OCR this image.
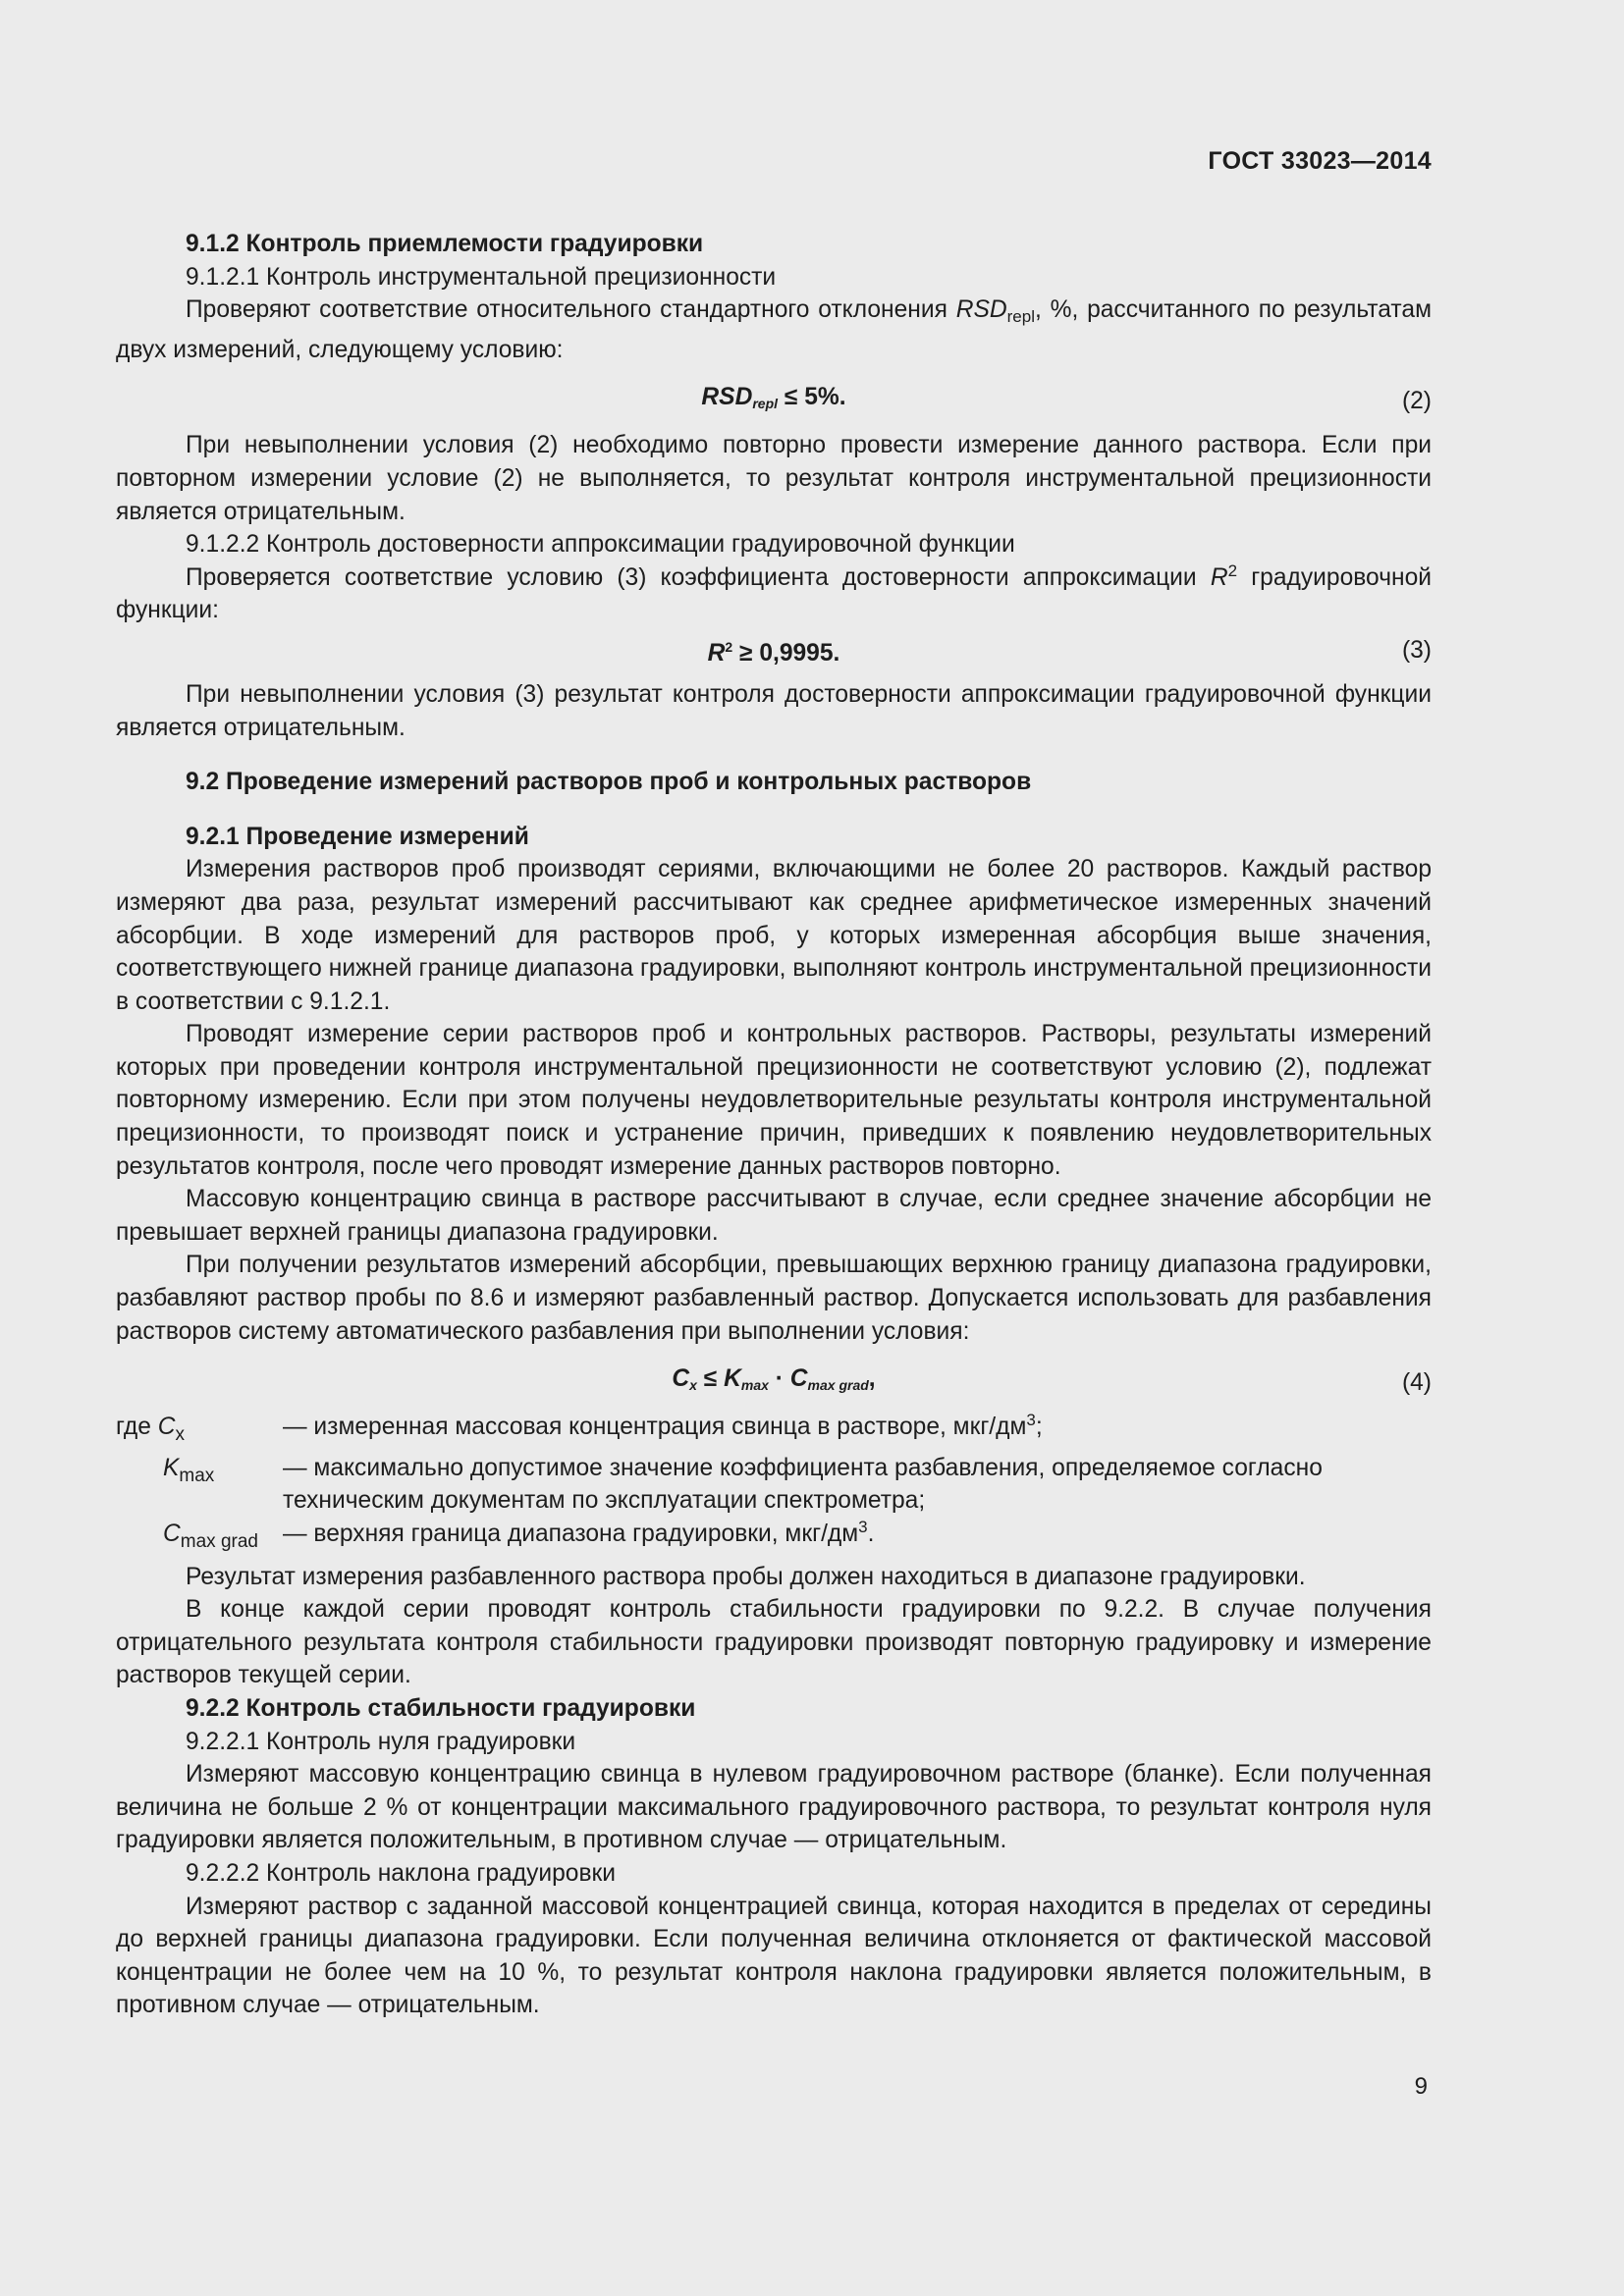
ГОСТ 33023—2014

9.1.2 Контроль приемлемости градуировки

9.1.2.1 Контроль инструментальной прецизионности

Проверяют соответствие относительного стандартного отклонения $RSD_{repl}$, %, рассчитанного по результатам двух измерений, следующему условию:

$RSD_{repl} \le 5\%$.	(2)

При невыполнении условия (2) необходимо повторно провести измерение данного раствора. Если при повторном измерении условие (2) не выполняется, то результат контроля инструментальной прецизионности является отрицательным.

9.1.2.2 Контроль достоверности аппроксимации градуировочной функции

Проверяется соответствие условию (3) коэффициента достоверности аппроксимации $R^2$ градуировочной функции:

$R^2 \ge 0,9995$.	(3)

При невыполнении условия (3) результат контроля достоверности аппроксимации градуировочной функции является отрицательным.

9.2 Проведение измерений растворов проб и контрольных растворов

9.2.1 Проведение измерений

Измерения растворов проб производят сериями, включающими не более 20 растворов. Каждый раствор измеряют два раза, результат измерений рассчитывают как среднее арифметическое измеренных значений абсорбции. В ходе измерений для растворов проб, у которых измеренная абсорбция выше значения, соответствующего нижней границе диапазона градуировки, выполняют контроль инструментальной прецизионности в соответствии с 9.1.2.1.

Проводят измерение серии растворов проб и контрольных растворов. Растворы, результаты измерений которых при проведении контроля инструментальной прецизионности не соответствуют условию (2), подлежат повторному измерению. Если при этом получены неудовлетворительные результаты контроля инструментальной прецизионности, то производят поиск и устранение причин, приведших к появлению неудовлетворительных результатов контроля, после чего проводят измерение данных растворов повторно.

Массовую концентрацию свинца в растворе рассчитывают в случае, если среднее значение абсорбции не превышает верхней границы диапазона градуировки.

При получении результатов измерений абсорбции, превышающих верхнюю границу диапазона градуировки, разбавляют раствор пробы по 8.6 и измеряют разбавленный раствор. Допускается использовать для разбавления растворов систему автоматического разбавления при выполнении условия:

$C_x \le K_{max} \cdot C_{max grad}$,	(4)
где $C_x$	— измеренная массовая концентрация свинца в растворе, мкг/$дм^3$;
$K_{max}$	— максимально допустимое значение коэффициента разбавления, определяемое согласно техническим документам по эксплуатации спектрометра;
$C_{max grad}$	— верхняя граница диапазона градуировки, мкг/$дм^3$.

Результат измерения разбавленного раствора пробы должен находиться в диапазоне градуировки.

В конце каждой серии проводят контроль стабильности градуировки по 9.2.2. В случае получения отрицательного результата контроля стабильности градуировки производят повторную градуировку и измерение растворов текущей серии.

9.2.2 Контроль стабильности градуировки

9.2.2.1 Контроль нуля градуировки

Измеряют массовую концентрацию свинца в нулевом градуировочном растворе (бланке). Если полученная величина не больше 2 % от концентрации максимального градуировочного раствора, то результат контроля нуля градуировки является положительным, в противном случае — отрицательным.

9.2.2.2 Контроль наклона градуировки

Измеряют раствор с заданной массовой концентрацией свинца, которая находится в пределах от середины до верхней границы диапазона градуировки. Если полученная величина отклоняется от фактической массовой концентрации не более чем на 10 %, то результат контроля наклона градуировки является положительным, в противном случае — отрицательным.

9
